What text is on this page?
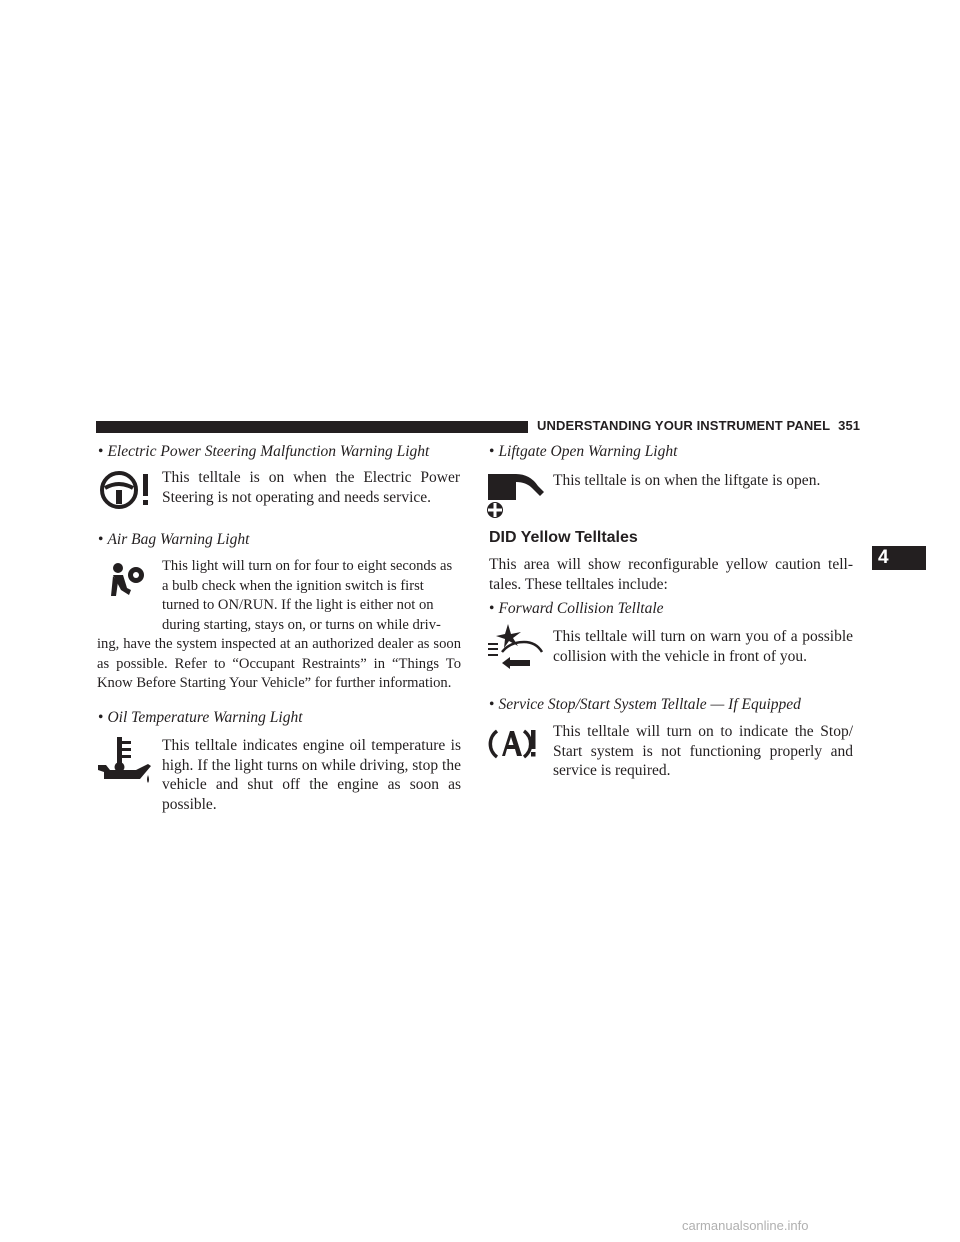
UNDERSTANDING YOUR INSTRUMENT PANEL 351
4
• Electric Power Steering Malfunction Warning Light
This telltale is on when the Electric Power Steering is not operating and needs service.
• Air Bag Warning Light
This light will turn on for four to eight seconds as
a bulb check when the ignition switch is first
turned to ON/RUN. If the light is either not on
during starting, stays on, or turns on while driv-
ing, have the system inspected at an authorized dealer as soon as possible. Refer to “Occupant Restraints” in “Things To Know Before Starting Your Vehicle” for further information.
• Oil Temperature Warning Light
This telltale indicates engine oil temperature is high. If the light turns on while driving, stop the vehicle and shut off the engine as soon as possible.
• Liftgate Open Warning Light
This telltale is on when the liftgate is open.
DID Yellow Telltales
This area will show reconfigurable yellow caution tell-tales. These telltales include:
• Forward Collision Telltale
This telltale will turn on warn you of a possible collision with the vehicle in front of you.
• Service Stop/Start System Telltale — If Equipped
This telltale will turn on to indicate the Stop/ Start system is not functioning properly and service is required.
carmanualsonline.info
